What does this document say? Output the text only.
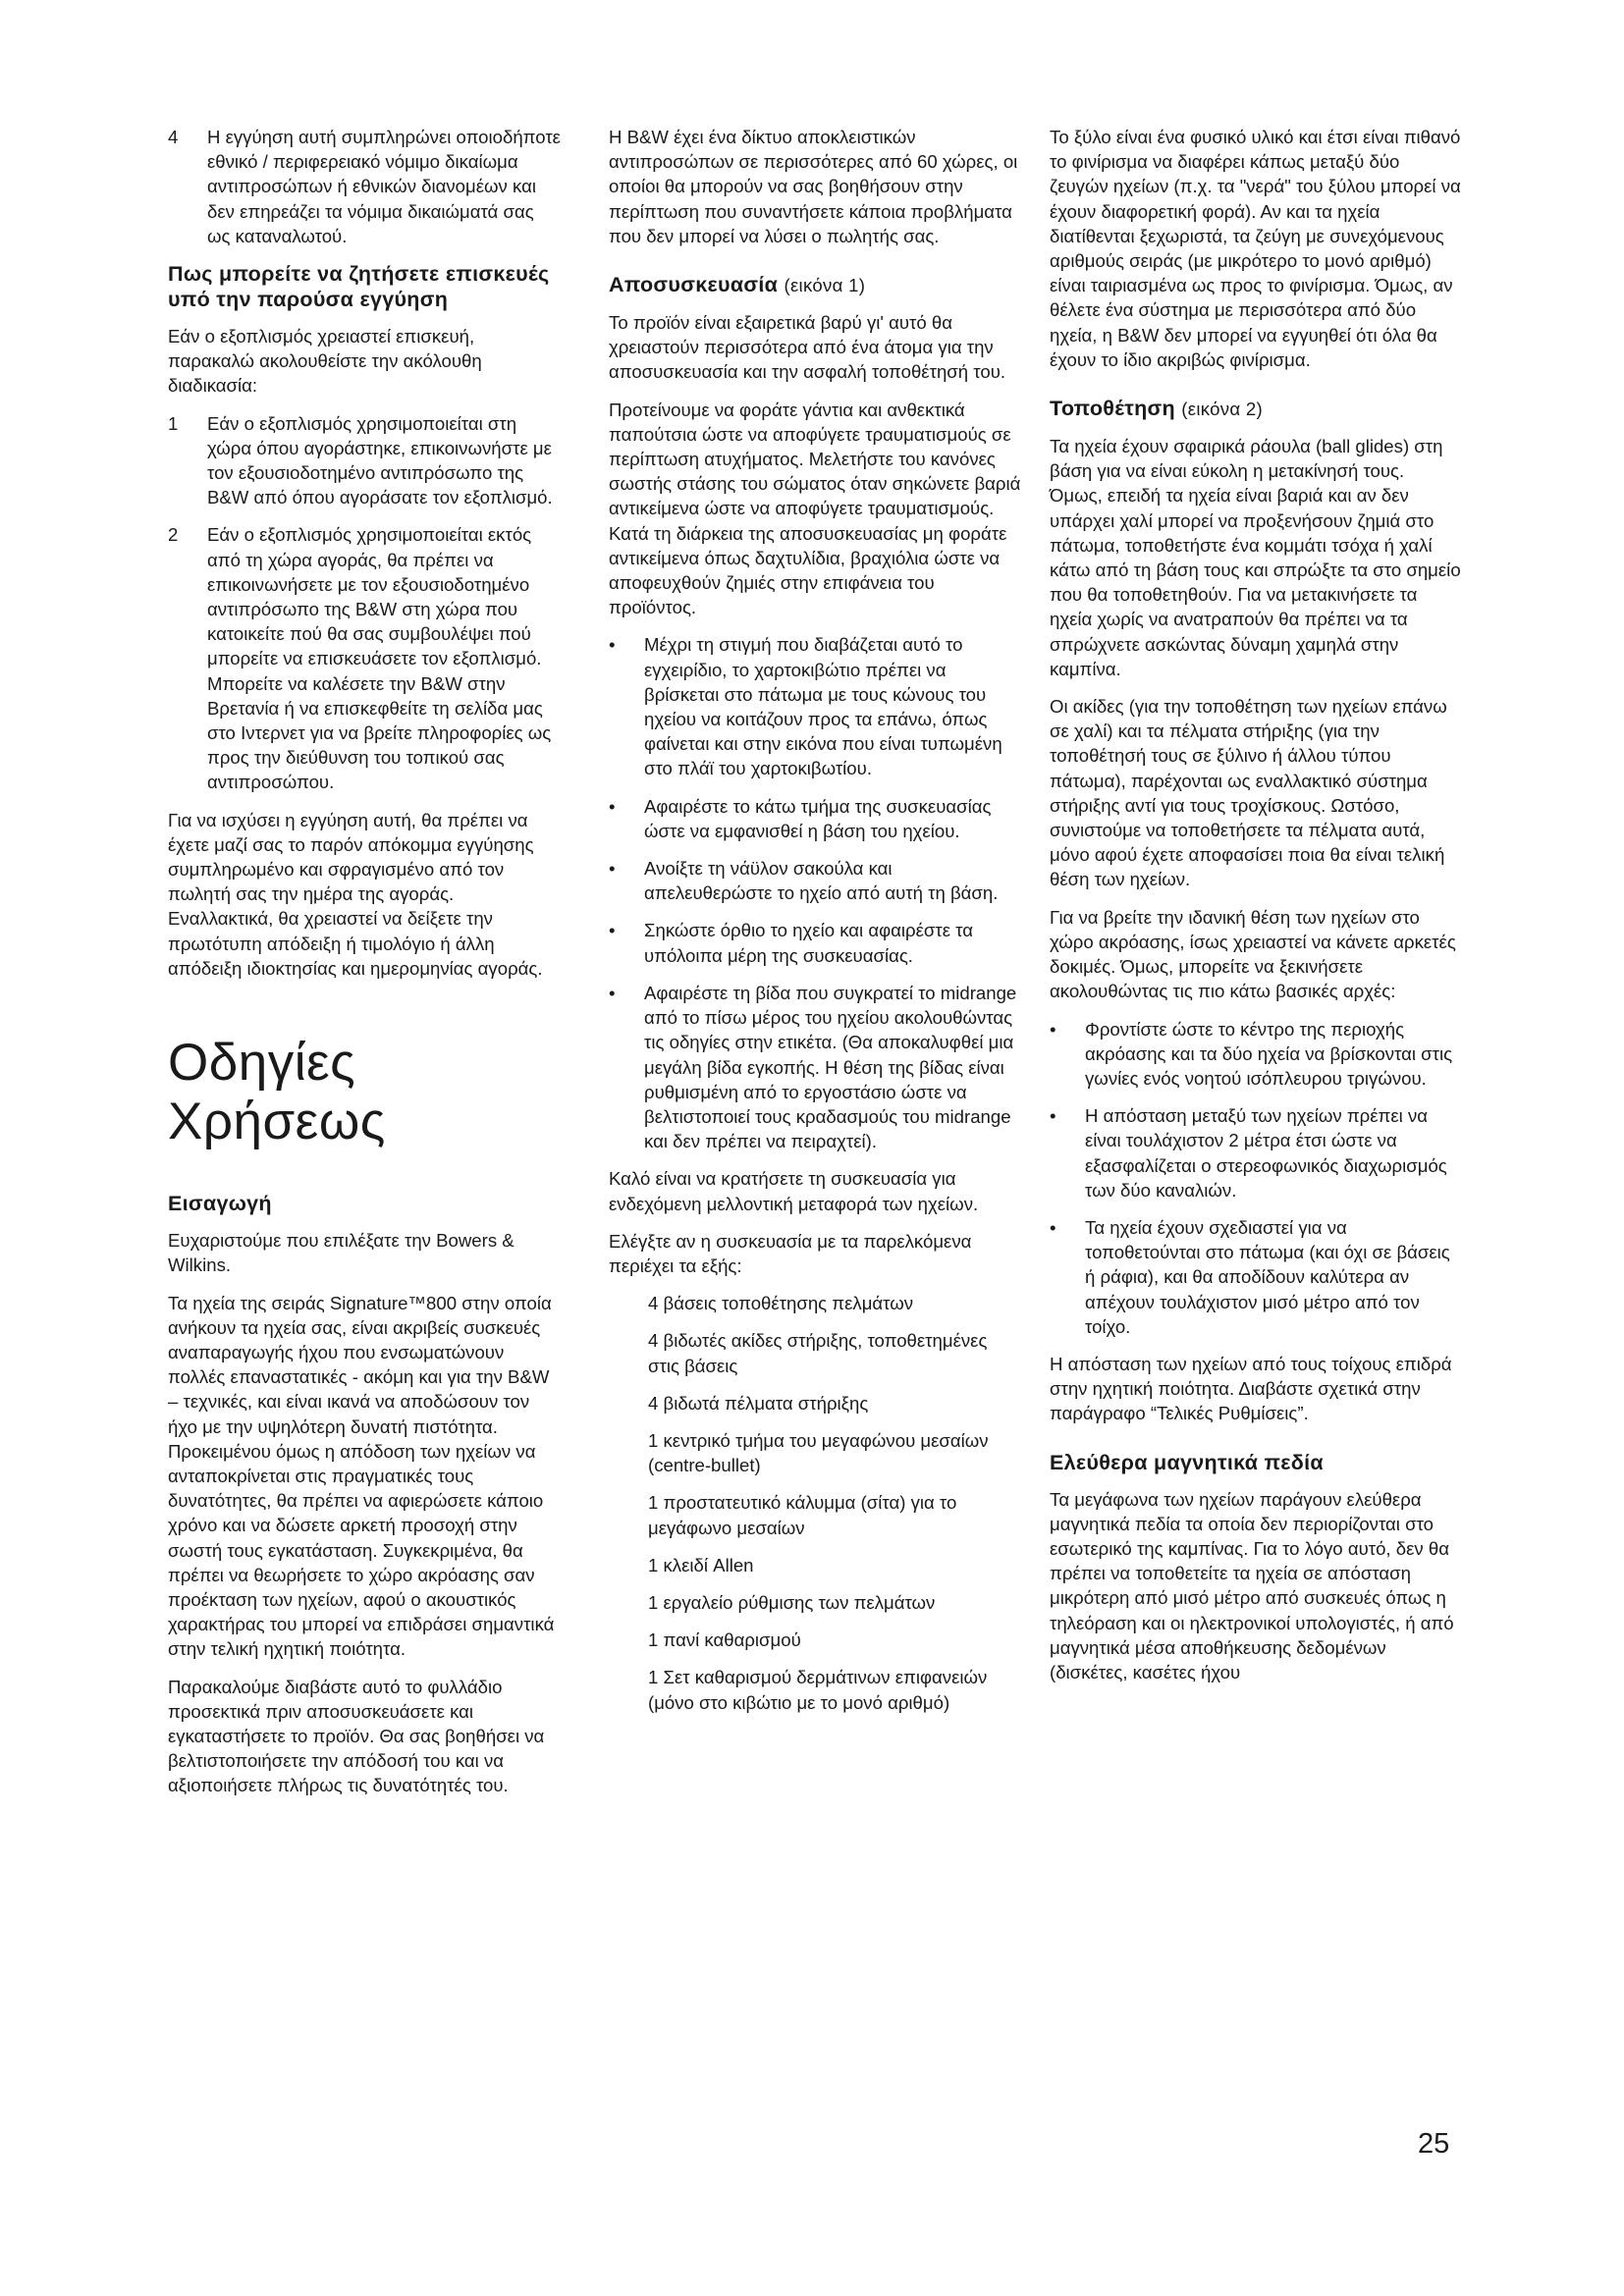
4 Η εγγύηση αυτή συμπληρώνει οποιοδήποτε εθνικό / περιφερειακό νόμιμο δικαίωμα αντιπροσώπων ή εθνικών διανομέων και δεν επηρεάζει τα νόμιμα δικαιώματά σας ως καταναλωτού.

Πως μπορείτε να ζητήσετε επισκευές υπό την παρούσα εγγύηση

Εάν ο εξοπλισμός χρειαστεί επισκευή, παρακαλώ ακολουθείστε την ακόλουθη διαδικασία:

1 Εάν ο εξοπλισμός χρησιμοποιείται στη χώρα όπου αγοράστηκε, επικοινωνήστε με τον εξουσιοδοτημένο αντιπρόσωπο της B&W από όπου αγοράσατε τον εξοπλισμό.

2 Εάν ο εξοπλισμός χρησιμοποιείται εκτός από τη χώρα αγοράς, θα πρέπει να επικοινωνήσετε με τον εξουσιοδοτημένο αντιπρόσωπο της B&W στη χώρα που κατοικείτε πού θα σας συμβουλέψει πού μπορείτε να επισκευάσετε τον εξοπλισμό. Μπορείτε να καλέσετε την B&W στην Βρετανία ή να επισκεφθείτε τη σελίδα μας στο Ιντερνετ για να βρείτε πληροφορίες ως προς την διεύθυνση του τοπικού σας αντιπροσώπου.

Για να ισχύσει η εγγύηση αυτή, θα πρέπει να έχετε μαζί σας το παρόν απόκομμα εγγύησης συμπληρωμένο και σφραγισμένο από τον πωλητή σας την ημέρα της αγοράς. Εναλλακτικά, θα χρειαστεί να δείξετε την πρωτότυπη απόδειξη ή τιμολόγιο ή άλλη απόδειξη ιδιοκτησίας και ημερομηνίας αγοράς.

Οδηγίες Χρήσεως
Εισαγωγή

Ευχαριστούμε που επιλέξατε την Bowers & Wilkins.

Τα ηχεία της σειράς Signature™800 στην οποία ανήκουν τα ηχεία σας, είναι ακριβείς συσκευές αναπαραγωγής ήχου που ενσωματώνουν πολλές επαναστατικές - ακόμη και για την B&W – τεχνικές, και είναι ικανά να αποδώσουν τον ήχο με την υψηλότερη δυνατή πιστότητα. Προκειμένου όμως η απόδοση των ηχείων να ανταποκρίνεται στις πραγματικές τους δυνατότητες, θα πρέπει να αφιερώσετε κάποιο χρόνο και να δώσετε αρκετή προσοχή στην σωστή τους εγκατάσταση. Συγκεκριμένα, θα πρέπει να θεωρήσετε το χώρο ακρόασης σαν προέκταση των ηχείων, αφού ο ακουστικός χαρακτήρας του μπορεί να επιδράσει σημαντικά στην τελική ηχητική ποιότητα.

Παρακαλούμε διαβάστε αυτό το φυλλάδιο προσεκτικά πριν αποσυσκευάσετε και εγκαταστήσετε το προϊόν. Θα σας βοηθήσει να βελτιστοποιήσετε την απόδοσή του και να αξιοποιήσετε πλήρως τις δυνατότητές του.

Η B&W έχει ένα δίκτυο αποκλειστικών αντιπροσώπων σε περισσότερες από 60 χώρες, οι οποίοι θα μπορούν να σας βοηθήσουν στην περίπτωση που συναντήσετε κάποια προβλήματα που δεν μπορεί να λύσει ο πωλητής σας.

Αποσυσκευασία (εικόνα 1)

Το προϊόν είναι εξαιρετικά βαρύ γι' αυτό θα χρειαστούν περισσότερα από ένα άτομα για την αποσυσκευασία και την ασφαλή τοποθέτησή του.

Προτείνουμε να φοράτε γάντια και ανθεκτικά παπούτσια ώστε να αποφύγετε τραυματισμούς σε περίπτωση ατυχήματος. Μελετήστε του κανόνες σωστής στάσης του σώματος όταν σηκώνετε βαριά αντικείμενα ώστε να αποφύγετε τραυματισμούς. Κατά τη διάρκεια της αποσυσκευασίας μη φοράτε αντικείμενα όπως δαχτυλίδια, βραχιόλια ώστε να αποφευχθούν ζημιές στην επιφάνεια του προϊόντος.

• Μέχρι τη στιγμή που διαβάζεται αυτό το εγχειρίδιο, το χαρτοκιβώτιο πρέπει να βρίσκεται στο πάτωμα με τους κώνους του ηχείου να κοιτάζουν προς τα επάνω, όπως φαίνεται και στην εικόνα που είναι τυπωμένη στο πλάϊ του χαρτοκιβωτίου.

• Αφαιρέστε το κάτω τμήμα της συσκευασίας ώστε να εμφανισθεί η βάση του ηχείου.

• Ανοίξτε τη νάϋλον σακούλα και απελευθερώστε το ηχείο από αυτή τη βάση.

• Σηκώστε όρθιο το ηχείο και αφαιρέστε τα υπόλοιπα μέρη της συσκευασίας.

• Αφαιρέστε τη βίδα που συγκρατεί το midrange από το πίσω μέρος του ηχείου ακολουθώντας τις οδηγίες στην ετικέτα. (Θα αποκαλυφθεί μια μεγάλη βίδα εγκοπής. Η θέση της βίδας είναι ρυθμισμένη από το εργοστάσιο ώστε να βελτιστοποιεί τους κραδασμούς του midrange και δεν πρέπει να πειραχτεί).

Καλό είναι να κρατήσετε τη συσκευασία για ενδεχόμενη μελλοντική μεταφορά των ηχείων.

Ελέγξτε αν η συσκευασία με τα παρελκόμενα περιέχει τα εξής:

4 βάσεις τοποθέτησης πελμάτων

4 βιδωτές ακίδες στήριξης, τοποθετημένες στις βάσεις

4 βιδωτά πέλματα στήριξης

1 κεντρικό τμήμα του μεγαφώνου μεσαίων (centre-bullet)

1 προστατευτικό κάλυμμα (σίτα) για το μεγάφωνο μεσαίων

1 κλειδί Allen

1 εργαλείο ρύθμισης των πελμάτων

1 πανί καθαρισμού

1 Σετ καθαρισμού δερμάτινων επιφανειών (μόνο στο κιβώτιο με το μονό αριθμό)

Το ξύλο είναι ένα φυσικό υλικό και έτσι είναι πιθανό το φινίρισμα να διαφέρει κάπως μεταξύ δύο ζευγών ηχείων (π.χ. τα "νερά" του ξύλου μπορεί να έχουν διαφορετική φορά). Αν και τα ηχεία διατίθενται ξεχωριστά, τα ζεύγη με συνεχόμενους αριθμούς σειράς (με μικρότερο το μονό αριθμό) είναι ταιριασμένα ως προς το φινίρισμα. Όμως, αν θέλετε ένα σύστημα με περισσότερα από δύο ηχεία, η B&W δεν μπορεί να εγγυηθεί ότι όλα θα έχουν το ίδιο ακριβώς φινίρισμα.

Τοποθέτηση (εικόνα 2)

Τα ηχεία έχουν σφαιρικά ράουλα (ball glides) στη βάση για να είναι εύκολη η μετακίνησή τους. Όμως, επειδή τα ηχεία είναι βαριά και αν δεν υπάρχει χαλί μπορεί να προξενήσουν ζημιά στο πάτωμα, τοποθετήστε ένα κομμάτι τσόχα ή χαλί κάτω από τη βάση τους και σπρώξτε τα στο σημείο που θα τοποθετηθούν. Για να μετακινήσετε τα ηχεία χωρίς να ανατραπούν θα πρέπει να τα σπρώχνετε ασκώντας δύναμη χαμηλά στην καμπίνα.

Οι ακίδες (για την τοποθέτηση των ηχείων επάνω σε χαλί) και τα πέλματα στήριξης (για την τοποθέτησή τους σε ξύλινο ή άλλου τύπου πάτωμα), παρέχονται ως εναλλακτικό σύστημα στήριξης αντί για τους τροχίσκους. Ωστόσο, συνιστούμε να τοποθετήσετε τα πέλματα αυτά, μόνο αφού έχετε αποφασίσει ποια θα είναι τελική θέση των ηχείων.

Για να βρείτε την ιδανική θέση των ηχείων στο χώρο ακρόασης, ίσως χρειαστεί να κάνετε αρκετές δοκιμές. Όμως, μπορείτε να ξεκινήσετε ακολουθώντας τις πιο κάτω βασικές αρχές:

• Φροντίστε ώστε το κέντρο της περιοχής ακρόασης και τα δύο ηχεία να βρίσκονται στις γωνίες ενός νοητού ισόπλευρου τριγώνου.

• Η απόσταση μεταξύ των ηχείων πρέπει να είναι τουλάχιστον 2 μέτρα έτσι ώστε να εξασφαλίζεται ο στερεοφωνικός διαχωρισμός των δύο καναλιών.

• Τα ηχεία έχουν σχεδιαστεί για να τοποθετούνται στο πάτωμα (και όχι σε βάσεις ή ράφια), και θα αποδίδουν καλύτερα αν απέχουν τουλάχιστον μισό μέτρο από τον τοίχο.

Η απόσταση των ηχείων από τους τοίχους επιδρά στην ηχητική ποιότητα. Διαβάστε σχετικά στην παράγραφο “Τελικές Ρυθμίσεις”.

Ελεύθερα μαγνητικά πεδία

Τα μεγάφωνα των ηχείων παράγουν ελεύθερα μαγνητικά πεδία τα οποία δεν περιορίζονται στο εσωτερικό της καμπίνας. Για το λόγο αυτό, δεν θα πρέπει να τοποθετείτε τα ηχεία σε απόσταση μικρότερη από μισό μέτρο από συσκευές όπως η τηλεόραση και οι ηλεκτρονικοί υπολογιστές, ή από μαγνητικά μέσα αποθήκευσης δεδομένων (δισκέτες, κασέτες ήχου

25
